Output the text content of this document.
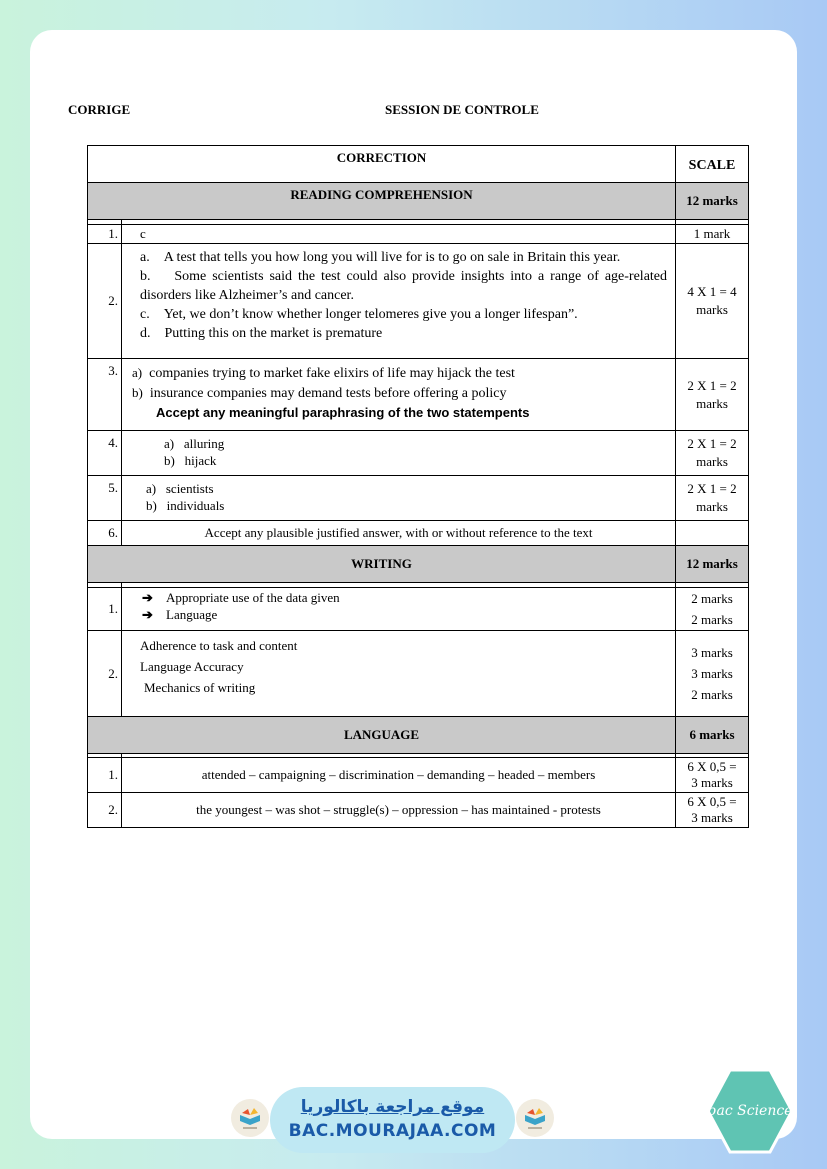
CORRIGE	SESSION DE CONTROLE
CORRECTION		SCALE
READING COMPREHENSION		12 marks

1.	c	1 mark
2.	a. A test that tells you how long you will live for is to go on sale in Britain this year.
b. Some scientists said the test could also provide insights into a range of age-related disorders like Alzheimer’s and cancer.
c. Yet, we don’t know whether longer telomeres give you a longer lifespan”.
d. Putting this on the market is premature	4 X 1 = 4
marks

3.	a) companies trying to market fake elixirs of life may hijack the test
b) insurance companies may demand tests before offering a policy
Accept any meaningful paraphrasing of the two statempents	2 X 1 = 2
marks

4.	a) alluring
b) hijack	2 X 1 = 2
marks

5.	a) scientists
b) individuals	2 X 1 = 2
marks

6.	Accept any plausible justified answer, with or without reference to the text	
WRITING		12 marks

1.	➔ Appropriate use of the data given
➔ Language	2 marks
2 marks

2.	Adherence to task and content
Language Accuracy
Mechanics of writing	3 marks
3 marks
2 marks

LANGUAGE		6 marks

1.	attended – campaigning – discrimination – demanding – headed – members	6 X 0,5 =
3 marks

2.	the youngest – was shot – struggle(s) – oppression – has maintained - protests	6 X 0,5 =
3 marks
موقع مراجعة باكالوريا
BAC.MOURAJAA.COM
bac Science
